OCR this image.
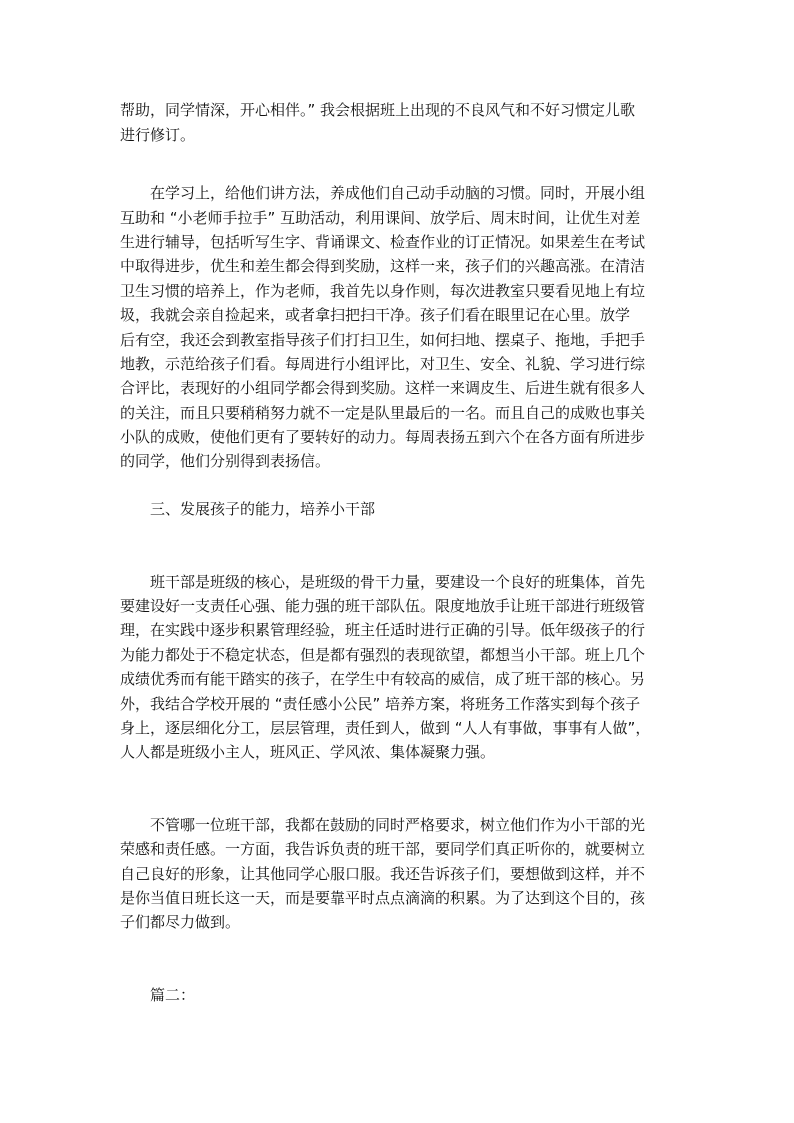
帮助，同学情深，开心相伴。” 我会根据班上出现的不良风气和不好习惯定儿歌

进行修订。

在学习上，给他们讲方法，养成他们自己动手动脑的习惯。同时，开展小组

互助和 “小老师手拉手” 互助活动，利用课间、放学后、周末时间，让优生对差

生进行辅导，包括听写生字、背诵课文、检查作业的订正情况。如果差生在考试

中取得进步，优生和差生都会得到奖励，这样一来，孩子们的兴趣高涨。在清洁

卫生习惯的培养上，作为老师，我首先以身作则，每次进教室只要看见地上有垃

圾，我就会亲自捡起来，或者拿扫把扫干净。孩子们看在眼里记在心里。放学

后有空，我还会到教室指导孩子们打扫卫生，如何扫地、摆桌子、拖地，手把手

地教，示范给孩子们看。每周进行小组评比，对卫生、安全、礼貌、学习进行综

合评比，表现好的小组同学都会得到奖励。这样一来调皮生、后进生就有很多人

的关注，而且只要稍稍努力就不一定是队里最后的一名。而且自己的成败也事关

小队的成败，使他们更有了要转好的动力。每周表扬五到六个在各方面有所进步

的同学，他们分别得到表扬信。

三、发展孩子的能力，培养小干部

班干部是班级的核心，是班级的骨干力量，要建设一个良好的班集体，首先

要建设好一支责任心强、能力强的班干部队伍。限度地放手让班干部进行班级管

理，在实践中逐步积累管理经验，班主任适时进行正确的引导。低年级孩子的行

为能力都处于不稳定状态，但是都有强烈的表现欲望，都想当小干部。班上几个

成绩优秀而有能干踏实的孩子，在学生中有较高的威信，成了班干部的核心。另

外，我结合学校开展的 “责任感小公民” 培养方案，将班务工作落实到每个孩子

身上，逐层细化分工，层层管理，责任到人，做到 “人人有事做，事事有人做”，

人人都是班级小主人，班风正、学风浓、集体凝聚力强。

不管哪一位班干部，我都在鼓励的同时严格要求，树立他们作为小干部的光

荣感和责任感。一方面，我告诉负责的班干部，要同学们真正听你的，就要树立

自己良好的形象，让其他同学心服口服。我还告诉孩子们，要想做到这样，并不

是你当值日班长这一天，而是要靠平时点点滴滴的积累。为了达到这个目的，孩

子们都尽力做到。

篇二：
